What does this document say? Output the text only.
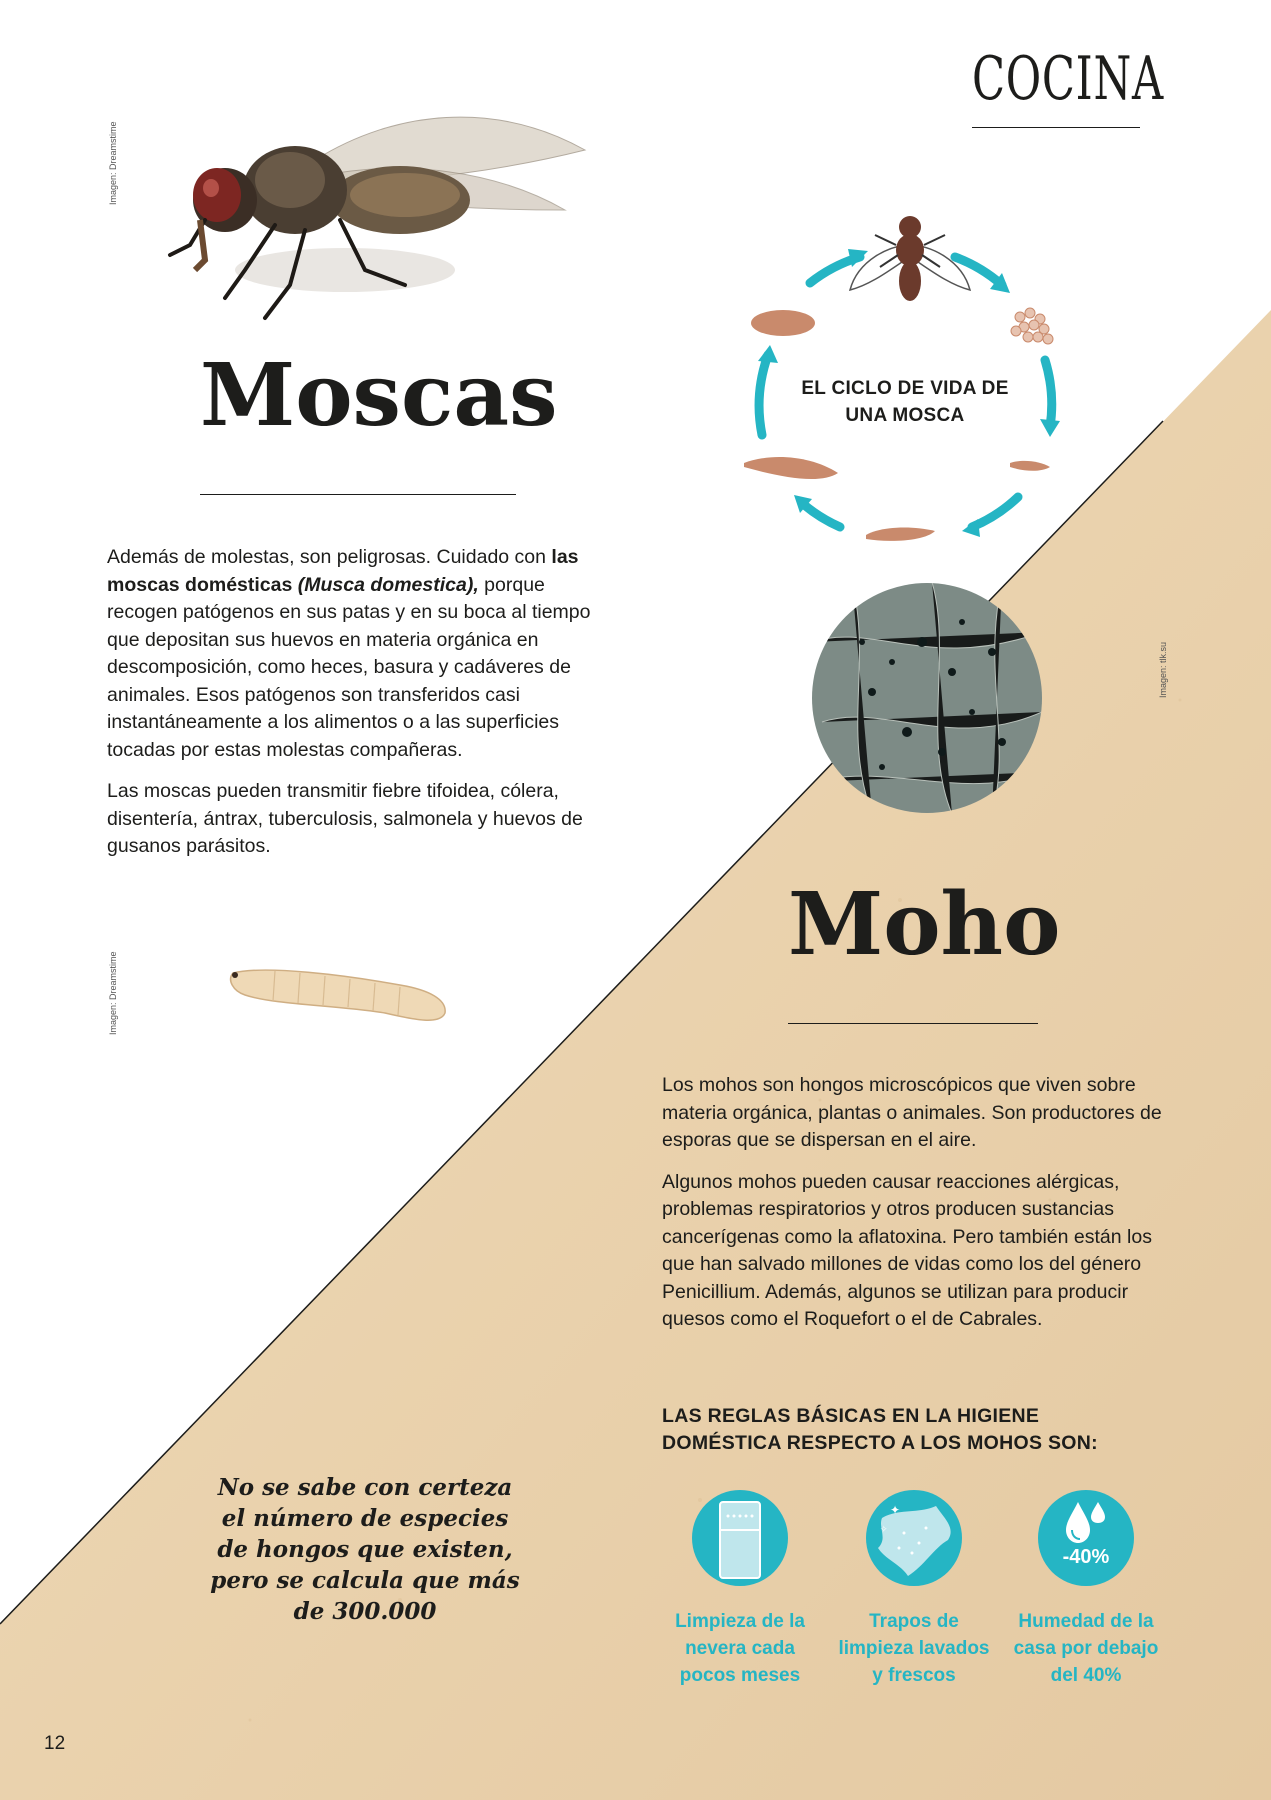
COCINA
Imagen: Dreamstime
Moscas

Además de molestas, son peligrosas. Cuidado con las moscas domésticas (Musca domestica), porque recogen patógenos en sus patas y en su boca al tiempo que depositan sus huevos en materia orgánica en descomposición, como heces, basura y cadáveres de animales. Esos patógenos son transferidos casi instantáneamente a los alimentos o a las superficies tocadas por estas molestas compañeras.

Las moscas pueden transmitir fiebre tifoidea, cólera, disentería, ántrax, tuberculosis, salmonela y huevos de gusanos parásitos.

Imagen: Dreamstime
EL CICLO DE VIDA DE UNA MOSCA
Imagen: tlk.su
Moho

Los mohos son hongos microscópicos que viven sobre materia orgánica, plantas o animales. Son productores de esporas que se dispersan en el aire.

Algunos mohos pueden causar reacciones alérgicas, problemas respiratorios y otros producen sustancias cancerígenas como la aflatoxina. Pero también están los que han salvado millones de vidas como los del género Penicillium. Además, algunos se utilizan para producir quesos como el Roquefort o el de Cabrales.

No se sabe con certeza el número de especies de hongos que existen, pero se calcula que más de 300.000
LAS REGLAS BÁSICAS EN LA HIGIENE DOMÉSTICA RESPECTO A LOS MOHOS SON:
Limpieza de la nevera cada pocos meses
✦
✧
Trapos de limpieza lavados y frescos
-40%
Humedad de la casa por debajo del 40%
12
